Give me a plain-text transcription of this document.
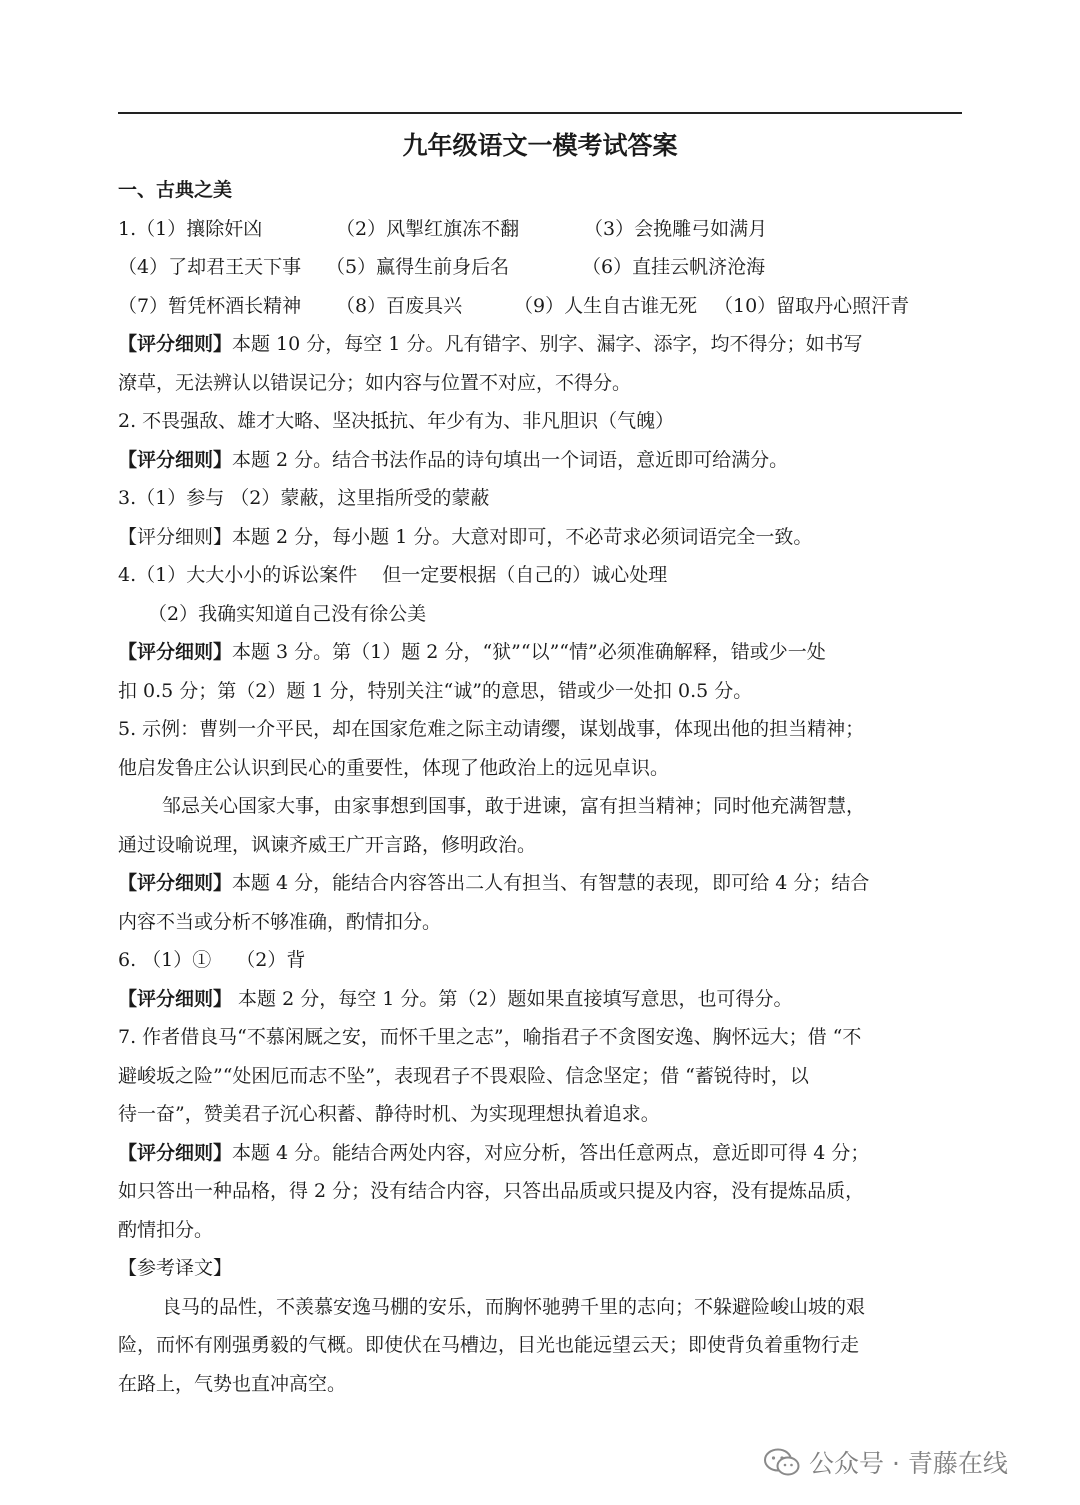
九年级语文一模考试答案
一、古典之美
1.（1）攘除奸凶	（2）风掣红旗冻不翻	（3）会挽雕弓如满月
（4）了却君王天下事 （5）赢得生前身后名	（6）直挂云帆济沧海
（7）暂凭杯酒长精神 （8）百废具兴	（9）人生自古谁无死 （10）留取丹心照汗青
【评分细则】本题 10 分，每空 1 分。凡有错字、别字、漏字、添字，均不得分；如书写
潦草，无法辨认以错误记分；如内容与位置不对应，不得分。
2. 不畏强敌、雄才大略、坚决抵抗、年少有为、非凡胆识（气魄）
【评分细则】本题 2 分。结合书法作品的诗句填出一个词语，意近即可给满分。
3.（1）参与 （2）蒙蔽，这里指所受的蒙蔽
【评分细则】本题 2 分，每小题 1 分。大意对即可，不必苛求必须词语完全一致。
4.（1）大大小小的诉讼案件　 但一定要根据（自己的）诚心处理
（2）我确实知道自己没有徐公美
【评分细则】本题 3 分。第（1）题 2 分，“狱”“以”“情”必须准确解释，错或少一处
扣 0.5 分；第（2）题 1 分，特别关注“诚”的意思，错或少一处扣 0.5 分。
5. 示例：曹刿一介平民，却在国家危难之际主动请缨，谋划战事，体现出他的担当精神；
他启发鲁庄公认识到民心的重要性，体现了他政治上的远见卓识。
邹忌关心国家大事，由家事想到国事，敢于进谏，富有担当精神；同时他充满智慧，
通过设喻说理，讽谏齐威王广开言路，修明政治。
【评分细则】本题 4 分，能结合内容答出二人有担当、有智慧的表现，即可给 4 分；结合
内容不当或分析不够准确，酌情扣分。
6. （1）①　 （2）背
【评分细则】 本题 2 分，每空 1 分。第（2）题如果直接填写意思，也可得分。
7. 作者借良马“不慕闲厩之安，而怀千里之志”，喻指君子不贪图安逸、胸怀远大；借 “不
避峻坂之险”“处困厄而志不坠”，表现君子不畏艰险、信念坚定；借 “蓄锐待时，以
待一奋”，赞美君子沉心积蓄、静待时机、为实现理想执着追求。
【评分细则】本题 4 分。能结合两处内容，对应分析，答出任意两点，意近即可得 4 分；
如只答出一种品格，得 2 分；没有结合内容，只答出品质或只提及内容，没有提炼品质，
酌情扣分。
【参考译文】
良马的品性，不羡慕安逸马棚的安乐，而胸怀驰骋千里的志向；不躲避险峻山坡的艰
险，而怀有刚强勇毅的气概。即使伏在马槽边，目光也能远望云天；即使背负着重物行走
在路上，气势也直冲高空。
公众号 · 青藤在线
